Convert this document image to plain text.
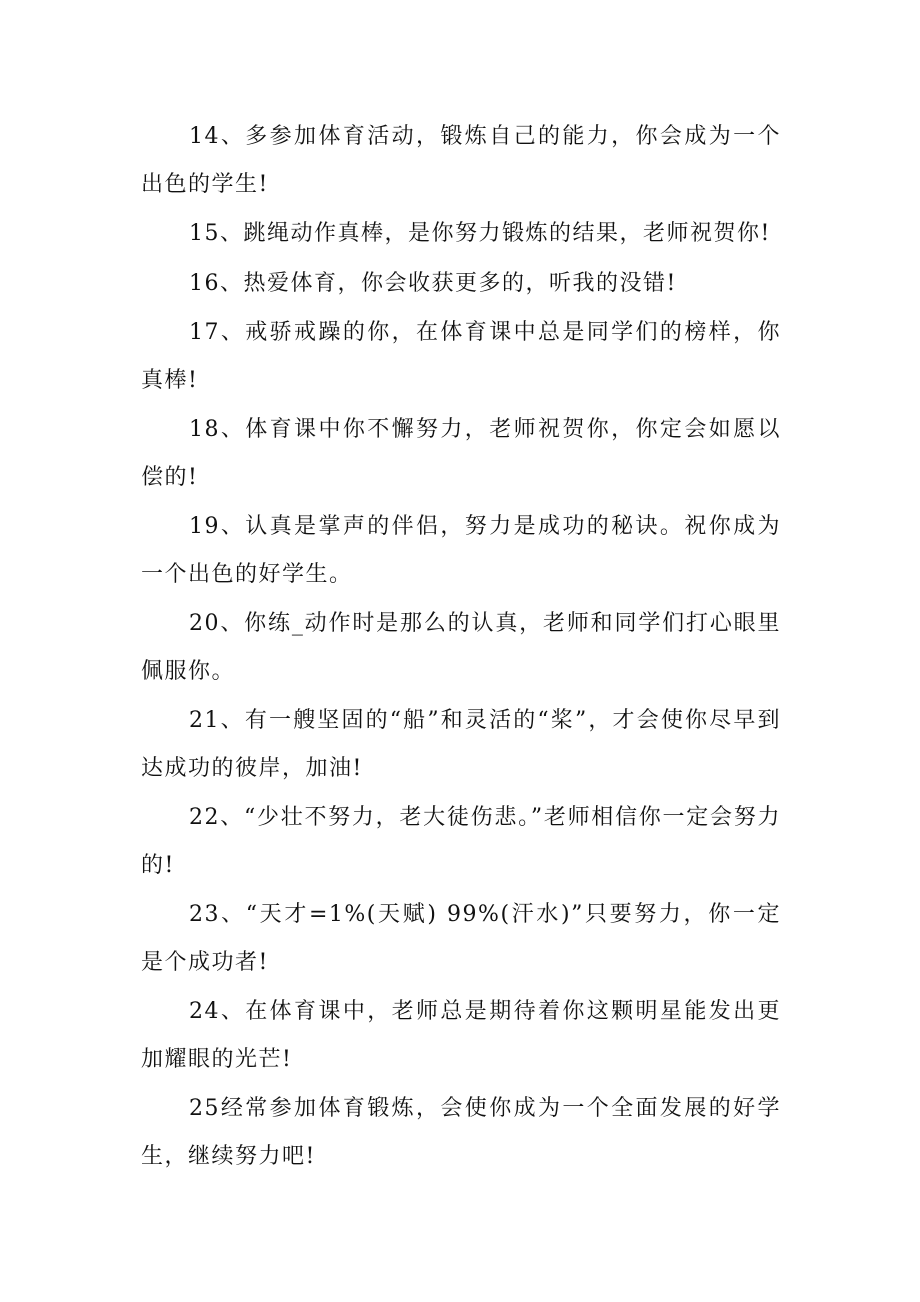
14、多参加体育活动，锻炼自己的能力，你会成为一个出色的学生!

15、跳绳动作真棒，是你努力锻炼的结果，老师祝贺你!

16、热爱体育，你会收获更多的，听我的没错!

17、戒骄戒躁的你，在体育课中总是同学们的榜样，你真棒!

18、体育课中你不懈努力，老师祝贺你，你定会如愿以偿的!

19、认真是掌声的伴侣，努力是成功的秘诀。祝你成为一个出色的好学生。

20、你练_动作时是那么的认真，老师和同学们打心眼里佩服你。

21、有一艘坚固的“船”和灵活的“桨”，才会使你尽早到达成功的彼岸，加油!

22、“少壮不努力，老大徒伤悲。”老师相信你一定会努力的!

23、“天才=1%(天赋) 99%(汗水)”只要努力，你一定是个成功者!

24、在体育课中，老师总是期待着你这颗明星能发出更加耀眼的光芒!

25经常参加体育锻炼，会使你成为一个全面发展的好学生，继续努力吧!
